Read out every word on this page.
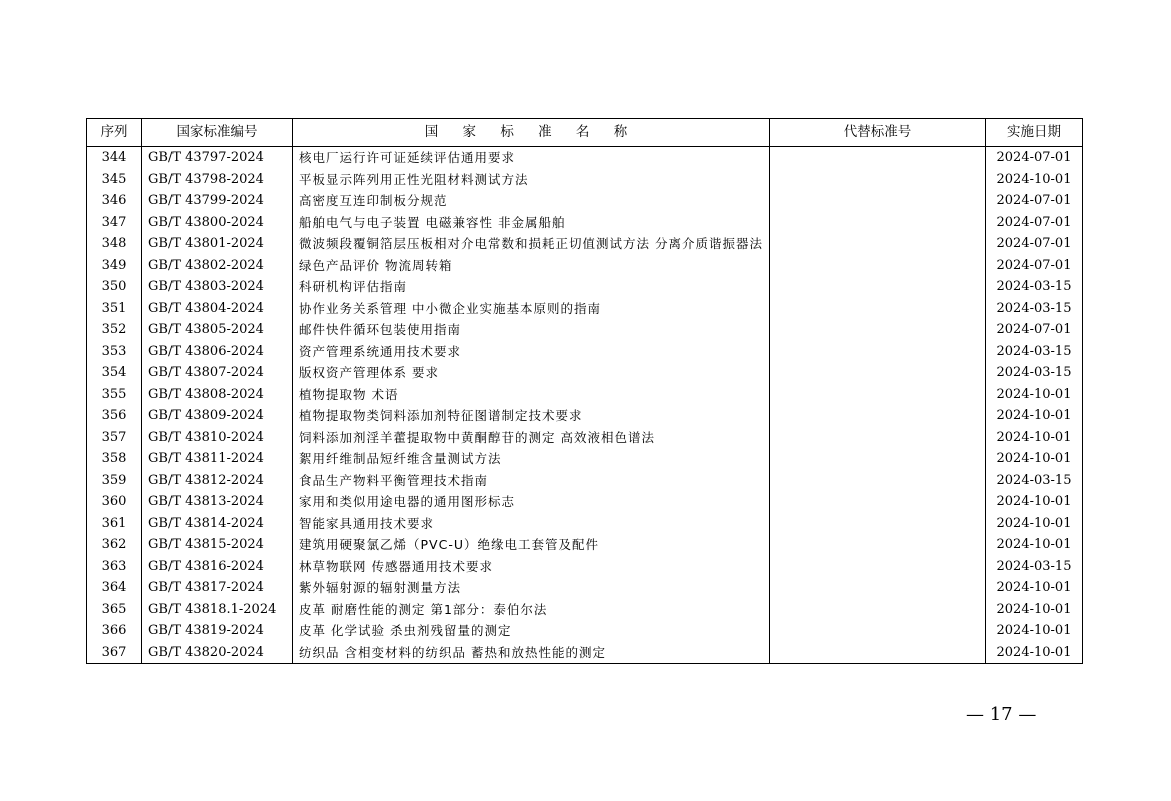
序列	国家标准编号	国 家 标 准 名 称	代替标准号	实施日期
344	GB/T 43797-2024	核电厂运行许可证延续评估通用要求		2024-07-01
345	GB/T 43798-2024	平板显示阵列用正性光阻材料测试方法		2024-10-01
346	GB/T 43799-2024	高密度互连印制板分规范		2024-07-01
347	GB/T 43800-2024	船舶电气与电子装置 电磁兼容性 非金属船舶		2024-07-01
348	GB/T 43801-2024	微波频段覆铜箔层压板相对介电常数和损耗正切值测试方法 分离介质谐振器法		2024-07-01
349	GB/T 43802-2024	绿色产品评价 物流周转箱		2024-07-01
350	GB/T 43803-2024	科研机构评估指南		2024-03-15
351	GB/T 43804-2024	协作业务关系管理 中小微企业实施基本原则的指南		2024-03-15
352	GB/T 43805-2024	邮件快件循环包装使用指南		2024-07-01
353	GB/T 43806-2024	资产管理系统通用技术要求		2024-03-15
354	GB/T 43807-2024	版权资产管理体系 要求		2024-03-15
355	GB/T 43808-2024	植物提取物 术语		2024-10-01
356	GB/T 43809-2024	植物提取物类饲料添加剂特征图谱制定技术要求		2024-10-01
357	GB/T 43810-2024	饲料添加剂淫羊藿提取物中黄酮醇苷的测定 高效液相色谱法		2024-10-01
358	GB/T 43811-2024	絮用纤维制品短纤维含量测试方法		2024-10-01
359	GB/T 43812-2024	食品生产物料平衡管理技术指南		2024-03-15
360	GB/T 43813-2024	家用和类似用途电器的通用图形标志		2024-10-01
361	GB/T 43814-2024	智能家具通用技术要求		2024-10-01
362	GB/T 43815-2024	建筑用硬聚氯乙烯（PVC-U）绝缘电工套管及配件		2024-10-01
363	GB/T 43816-2024	林草物联网 传感器通用技术要求		2024-03-15
364	GB/T 43817-2024	紫外辐射源的辐射测量方法		2024-10-01
365	GB/T 43818.1-2024	皮革 耐磨性能的测定 第1部分：泰伯尔法		2024-10-01
366	GB/T 43819-2024	皮革 化学试验 杀虫剂残留量的测定		2024-10-01
367	GB/T 43820-2024	纺织品 含相变材料的纺织品 蓄热和放热性能的测定		2024-10-01
— 17 —
